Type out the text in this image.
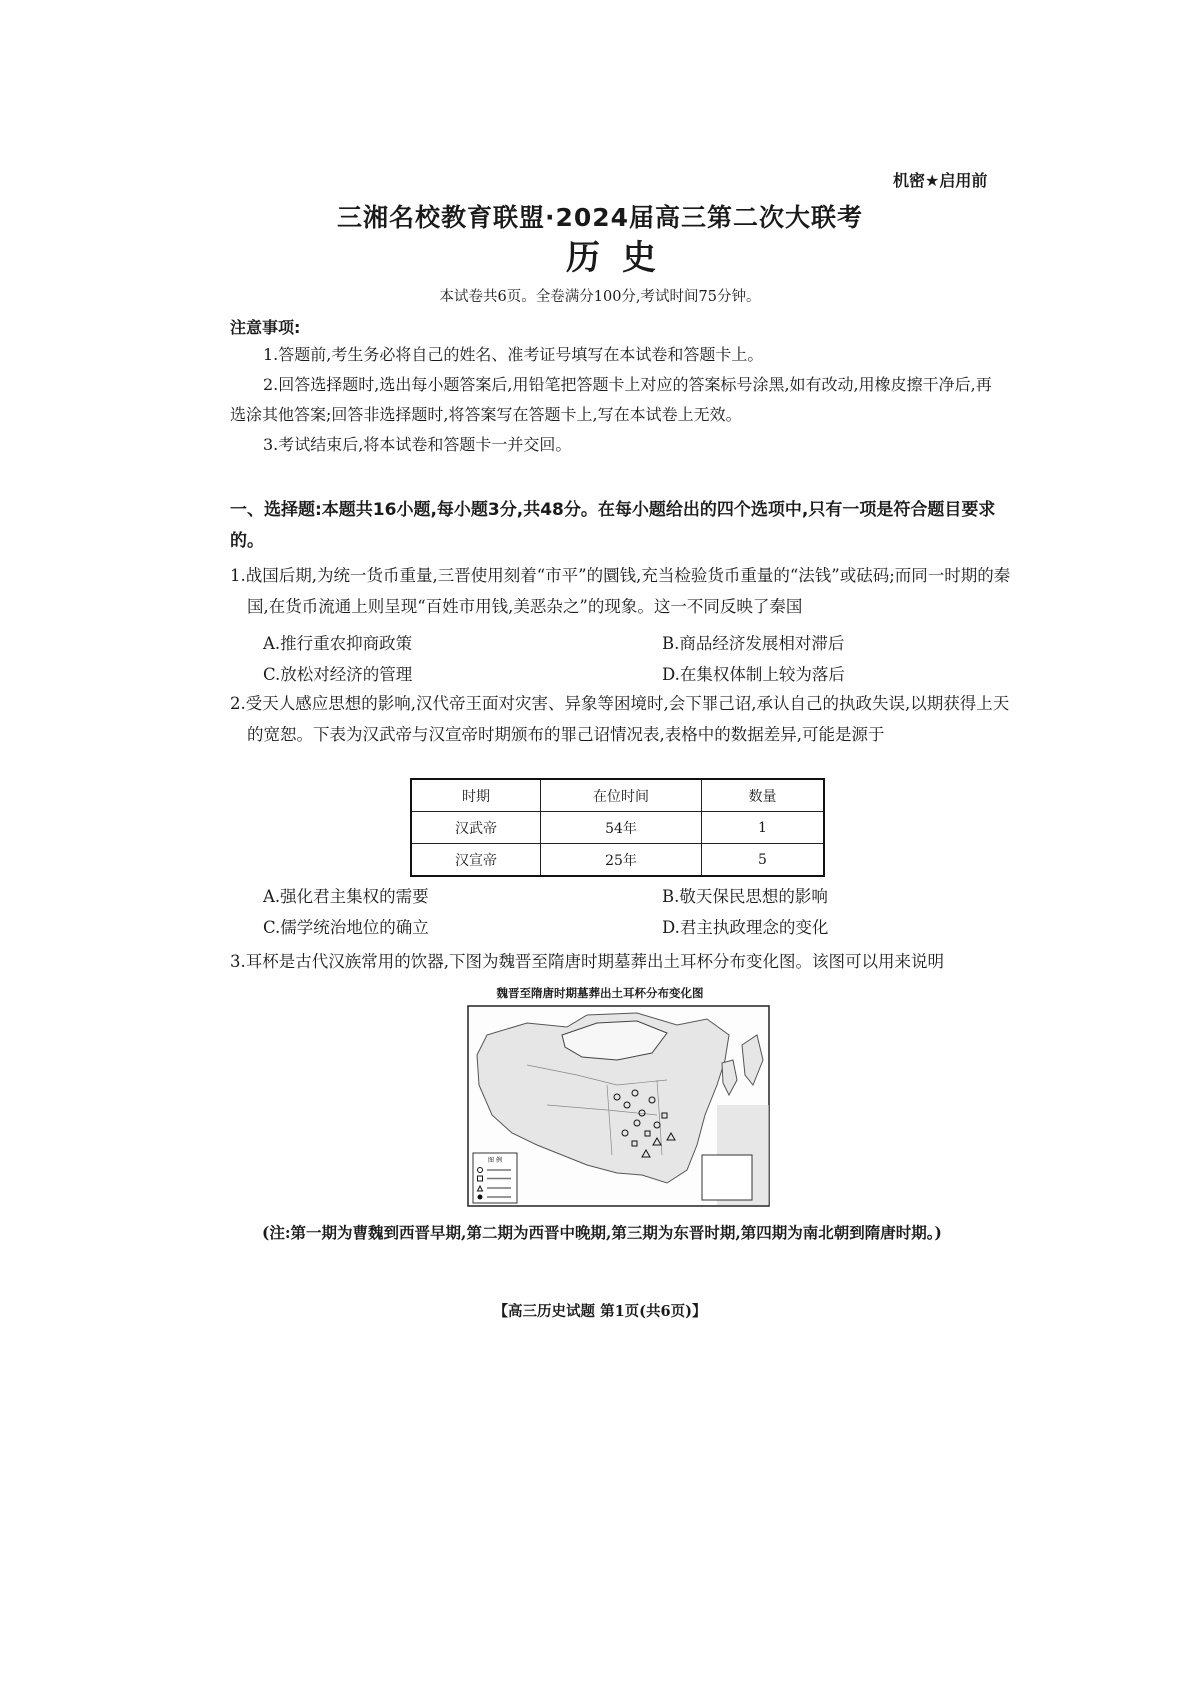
机密★启用前
三湘名校教育联盟·2024届高三第二次大联考
历史
本试卷共6页。全卷满分100分,考试时间75分钟。
注意事项:
1.答题前,考生务必将自己的姓名、准考证号填写在本试卷和答题卡上。
2.回答选择题时,选出每小题答案后,用铅笔把答题卡上对应的答案标号涂黑,如有改动,用橡皮擦干净后,再选涂其他答案;回答非选择题时,将答案写在答题卡上,写在本试卷上无效。
3.考试结束后,将本试卷和答题卡一并交回。
一、选择题:本题共16小题,每小题3分,共48分。在每小题给出的四个选项中,只有一项是符合题目要求的。
1.战国后期,为统一货币重量,三晋使用刻着“市平”的圜钱,充当检验货币重量的“法钱”或砝码;而同一时期的秦国,在货币流通上则呈现“百姓市用钱,美恶杂之”的现象。这一不同反映了秦国
A.推行重农抑商政策	B.商品经济发展相对滞后
C.放松对经济的管理	D.在集权体制上较为落后
2.受天人感应思想的影响,汉代帝王面对灾害、异象等困境时,会下罪己诏,承认自己的执政失误,以期获得上天的宽恕。下表为汉武帝与汉宣帝时期颁布的罪己诏情况表,表格中的数据差异,可能是源于
时期	在位时间	数量
汉武帝	54年	1
汉宣帝	25年	5
A.强化君主集权的需要	B.敬天保民思想的影响
C.儒学统治地位的确立	D.君主执政理念的变化
3.耳杯是古代汉族常用的饮器,下图为魏晋至隋唐时期墓葬出土耳杯分布变化图。该图可以用来说明
魏晋至隋唐时期墓葬出土耳杯分布变化图
图 例
(注:第一期为曹魏到西晋早期,第二期为西晋中晚期,第三期为东晋时期,第四期为南北朝到隋唐时期。)
【高三历史试题 第1页(共6页)】
